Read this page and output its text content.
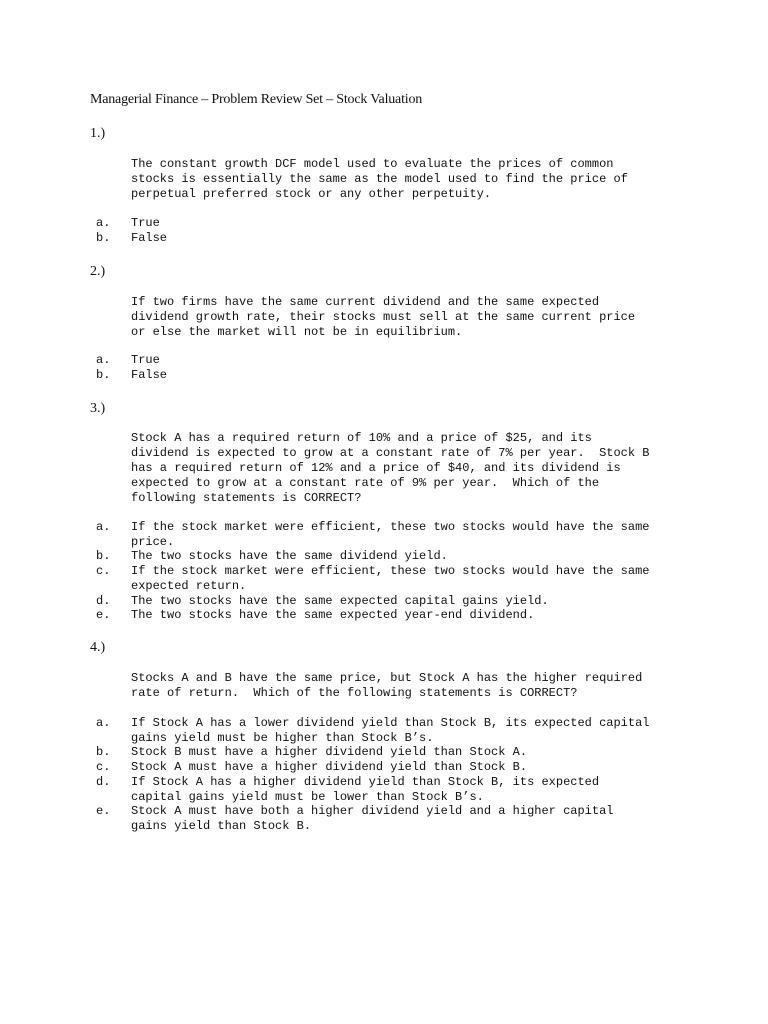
Managerial Finance – Problem Review Set – Stock Valuation
1.)
The constant growth DCF model used to evaluate the prices of common
stocks is essentially the same as the model used to find the price of
perpetual preferred stock or any other perpetuity.
a.	True
b.	False
2.)
If two firms have the same current dividend and the same expected
dividend growth rate, their stocks must sell at the same current price
or else the market will not be in equilibrium.
a.	True
b.	False
3.)
Stock A has a required return of 10% and a price of $25, and its
dividend is expected to grow at a constant rate of 7% per year.  Stock B
has a required return of 12% and a price of $40, and its dividend is
expected to grow at a constant rate of 9% per year.  Which of the
following statements is CORRECT?
a.	If the stock market were efficient, these two stocks would have the same
price.
b.	The two stocks have the same dividend yield.
c.	If the stock market were efficient, these two stocks would have the same
expected return.
d.	The two stocks have the same expected capital gains yield.
e.	The two stocks have the same expected year-end dividend.
4.)
Stocks A and B have the same price, but Stock A has the higher required
rate of return.  Which of the following statements is CORRECT?
a.	If Stock A has a lower dividend yield than Stock B, its expected capital
gains yield must be higher than Stock B’s.
b.	Stock B must have a higher dividend yield than Stock A.
c.	Stock A must have a higher dividend yield than Stock B.
d.	If Stock A has a higher dividend yield than Stock B, its expected
capital gains yield must be lower than Stock B’s.
e.	Stock A must have both a higher dividend yield and a higher capital
gains yield than Stock B.
